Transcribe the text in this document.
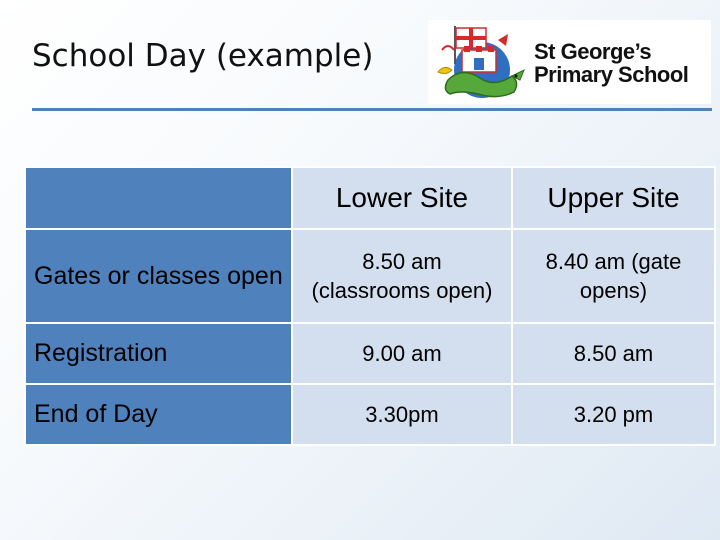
School Day (example)	St George’s
Primary School
	Lower Site	Upper Site
Gates or classes open	8.50 am (classrooms open)	8.40 am (gate opens)
Registration	9.00 am	8.50 am
End of Day	3.30pm	3.20 pm
